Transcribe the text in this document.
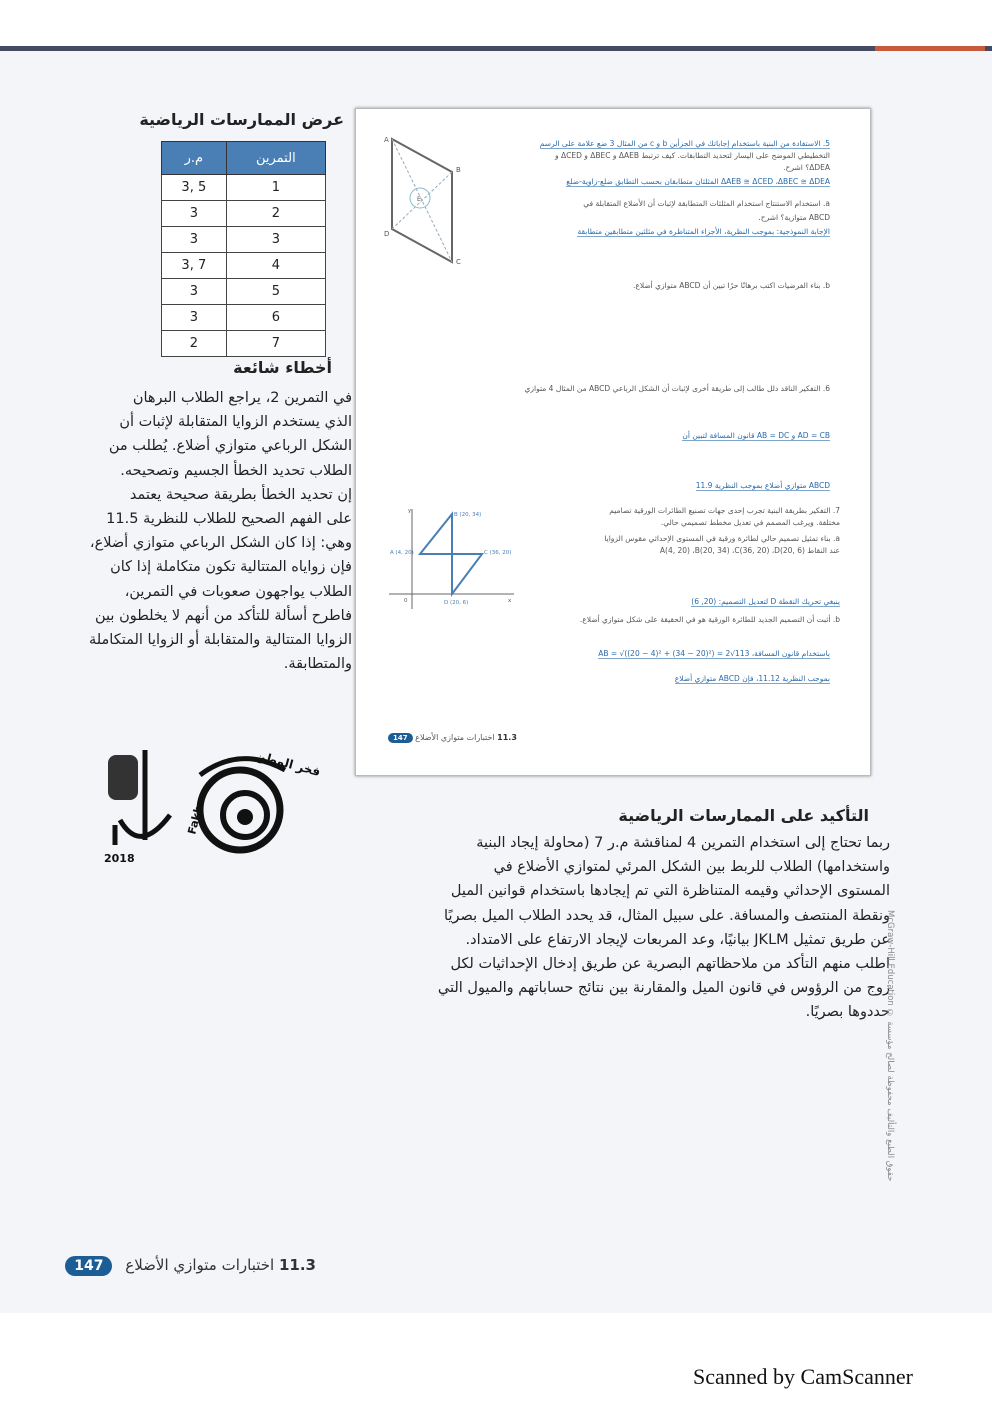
عرض الممارسات الرياضية
م.ر	التمرين
3, 5	1
3	2
3	3
3, 7	4
3	5
3	6
2	7
أخطاء شائعة
في التمرين 2، يراجع الطلاب البرهان
الذي يستخدم الزوايا المتقابلة لإثبات أن
الشكل الرباعي متوازي أضلاع. يُطلب من
الطلاب تحديد الخطأ الجسيم وتصحيحه.
إن تحديد الخطأ بطريقة صحيحة يعتمد
على الفهم الصحيح للطلاب للنظرية 11.5
وهي: إذا كان الشكل الرباعي متوازي أضلاع،
فإن زواياه المتتالية تكون متكاملة إذا كان
الطلاب يواجهون صعوبات في التمرين،
فاطرح أسألة للتأكد من أنهم لا يخلطون بين
الزوايا المتتالية والمتقابلة أو الزوايا المتكاملة
والمتطابقة.
A
B
C
D
E
B (20, 34)
A (4, 20)	C (36, 20)
D (20, 6)
y
x
0
5. الاستفادة من البنية باستخدام إجاباتك في الجزأين b و c من المثال 3 ضع علامة على الرسم
التخطيطي الموضح على اليسار لتحديد التطابقات. كيف ترتبط ΔAEB و ΔBEC و ΔCED و
ΔDEA؟ اشرح.
ΔAEB ≅ ΔCED ،ΔBEC ≅ ΔDEA المثلثان متطابقان بحسب التطابق ضلع-زاوية-ضلع
a. استخدام الاستنتاج استخدام المثلثات المتطابقة لإثبات أن الأضلاع المتقابلة في
ABCD متوازية؟ اشرح.
الإجابة النموذجية: بموجب النظرية، الأجزاء المتناظرة في مثلثين متطابقين متطابقة
b. بناء الفرضيات اكتب برهانًا حرًا تبين أن ABCD متوازي أضلاع.
6. التفكير الناقد دلل طالب إلى طريقة أخرى لإثبات أن الشكل الرباعي ABCD من المثال 4 متوازي
AD = CB و AB = DC قانون المسافة لتبين أن
ABCD متوازي أضلاع بموجب النظرية 11.9
7. التفكير بطريقة البنية تجرب إحدى جهات تصنيع الطائرات الورقية تصاميم
مختلفة. ويرغب المصمم في تعديل مخطط تصميمي حالي.
a. بناء تمثيل تصميم حالي لطائرة ورقية في المستوى الإحداثي مقوس الزوايا
عند النقاط A(4, 20) ،B(20, 34) ،C(36, 20) ،D(20, 6)
ينبغي تحريك النقطة D لتعديل التصميم: (20, 6)
b. أثبت أن التصميم الجديد للطائرة الورقية هو في الحقيقة على شكل متوازي أضلاع.
باستخدام قانون المسافة، AB = √((20 − 4)² + (34 − 20)²) = 2√113
بموجب النظرية 11.12، فإن ABCD متوازي أضلاع
11.3 اختبارات متوازي الأضلاع 147
2018
فخر الوطن
Fakhr	التأكيد على الممارسات الرياضية
ربما تحتاج إلى استخدام التمرين 4 لمناقشة م.ر 7 (محاولة إيجاد البنية
واستخدامها) الطلاب للربط بين الشكل المرئي لمتوازي الأضلاع في
المستوى الإحداثي وقيمه المتناظرة التي تم إيجادها باستخدام قوانين الميل
ونقطة المنتصف والمسافة. على سبيل المثال، قد يحدد الطلاب الميل بصريًا
عن طريق تمثيل JKLM بيانيًا، وعد المربعات لإيجاد الارتفاع على الامتداد.
اطلب منهم التأكد من ملاحظاتهم البصرية عن طريق إدخال الإحداثيات لكل
زوج من الرؤوس في قانون الميل والمقارنة بين نتائج حساباتهم والميول التي
حددوها بصريًا.
McGraw-Hill Education © حقوق الطبع والتأليف محفوظة لصالح مؤسسة
11.3 اختبارات متوازي الأضلاع 147
Scanned by CamScanner
